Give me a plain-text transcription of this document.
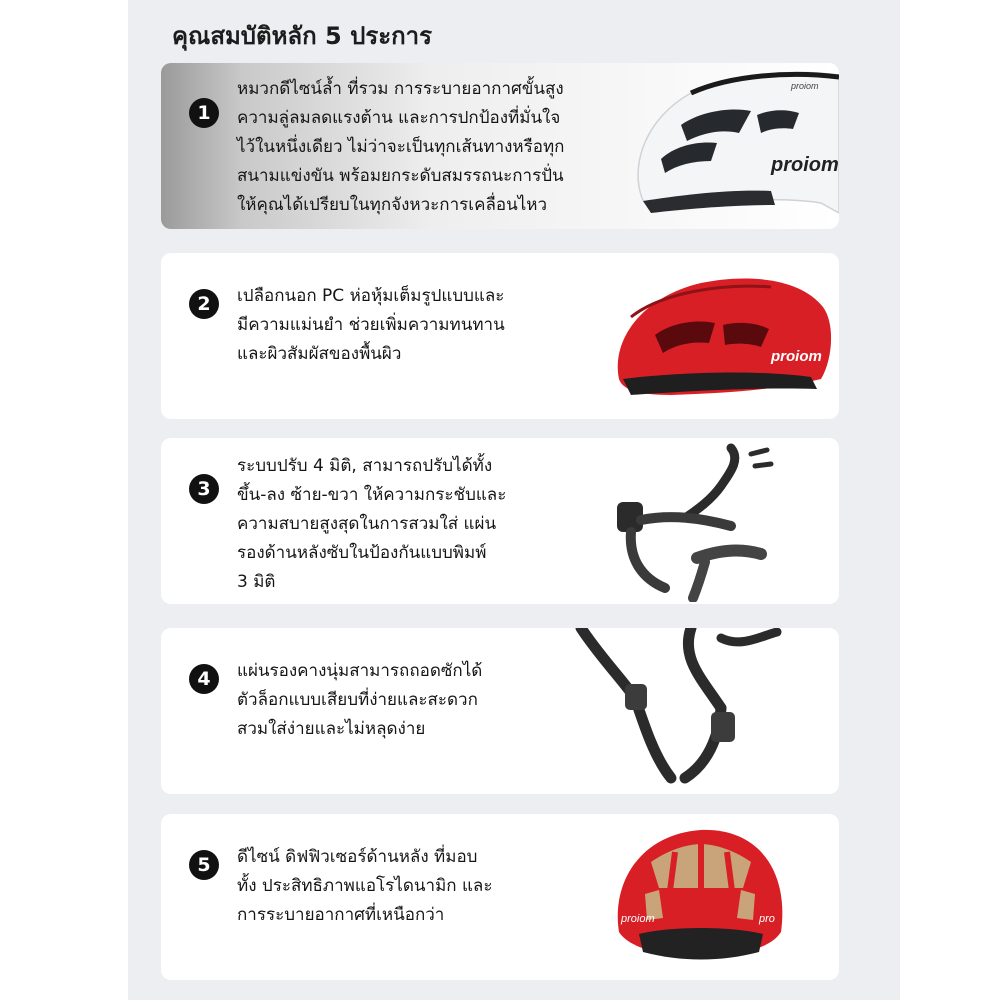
คุณสมบัติหลัก 5 ประการ
1
หมวกดีไซน์ล้ำ ที่รวม การระบายอากาศขั้นสูง
ความลู่ลมลดแรงต้าน และการปกป้องที่มั่นใจ
ไว้ในหนึ่งเดียว ไม่ว่าจะเป็นทุกเส้นทางหรือทุก
สนามแข่งขัน พร้อมยกระดับสมรรถนะการปั่น
ให้คุณได้เปรียบในทุกจังหวะการเคลื่อนไหว
proiom
proiom
2	เปลือกนอก PC ห่อหุ้มเต็มรูปแบบและ
มีความแม่นยำ ช่วยเพิ่มความทนทาน
และผิวสัมผัสของพื้นผิว	proiom
3
ระบบปรับ 4 มิติ, สามารถปรับได้ทั้ง
ขึ้น-ลง ซ้าย-ขวา ให้ความกระชับและ
ความสบายสูงสุดในการสวมใส่ แผ่น
รองด้านหลังซับในป้องกันแบบพิมพ์
3 มิติ
4	แผ่นรองคางนุ่มสามารถถอดซักได้
ตัวล็อกแบบเสียบที่ง่ายและสะดวก
สวมใส่ง่ายและไม่หลุดง่าย
5	ดีไซน์ ดิฟฟิวเซอร์ด้านหลัง ที่มอบ
ทั้ง ประสิทธิภาพแอโรไดนามิก และ
การระบายอากาศที่เหนือกว่า	proiom	pro
